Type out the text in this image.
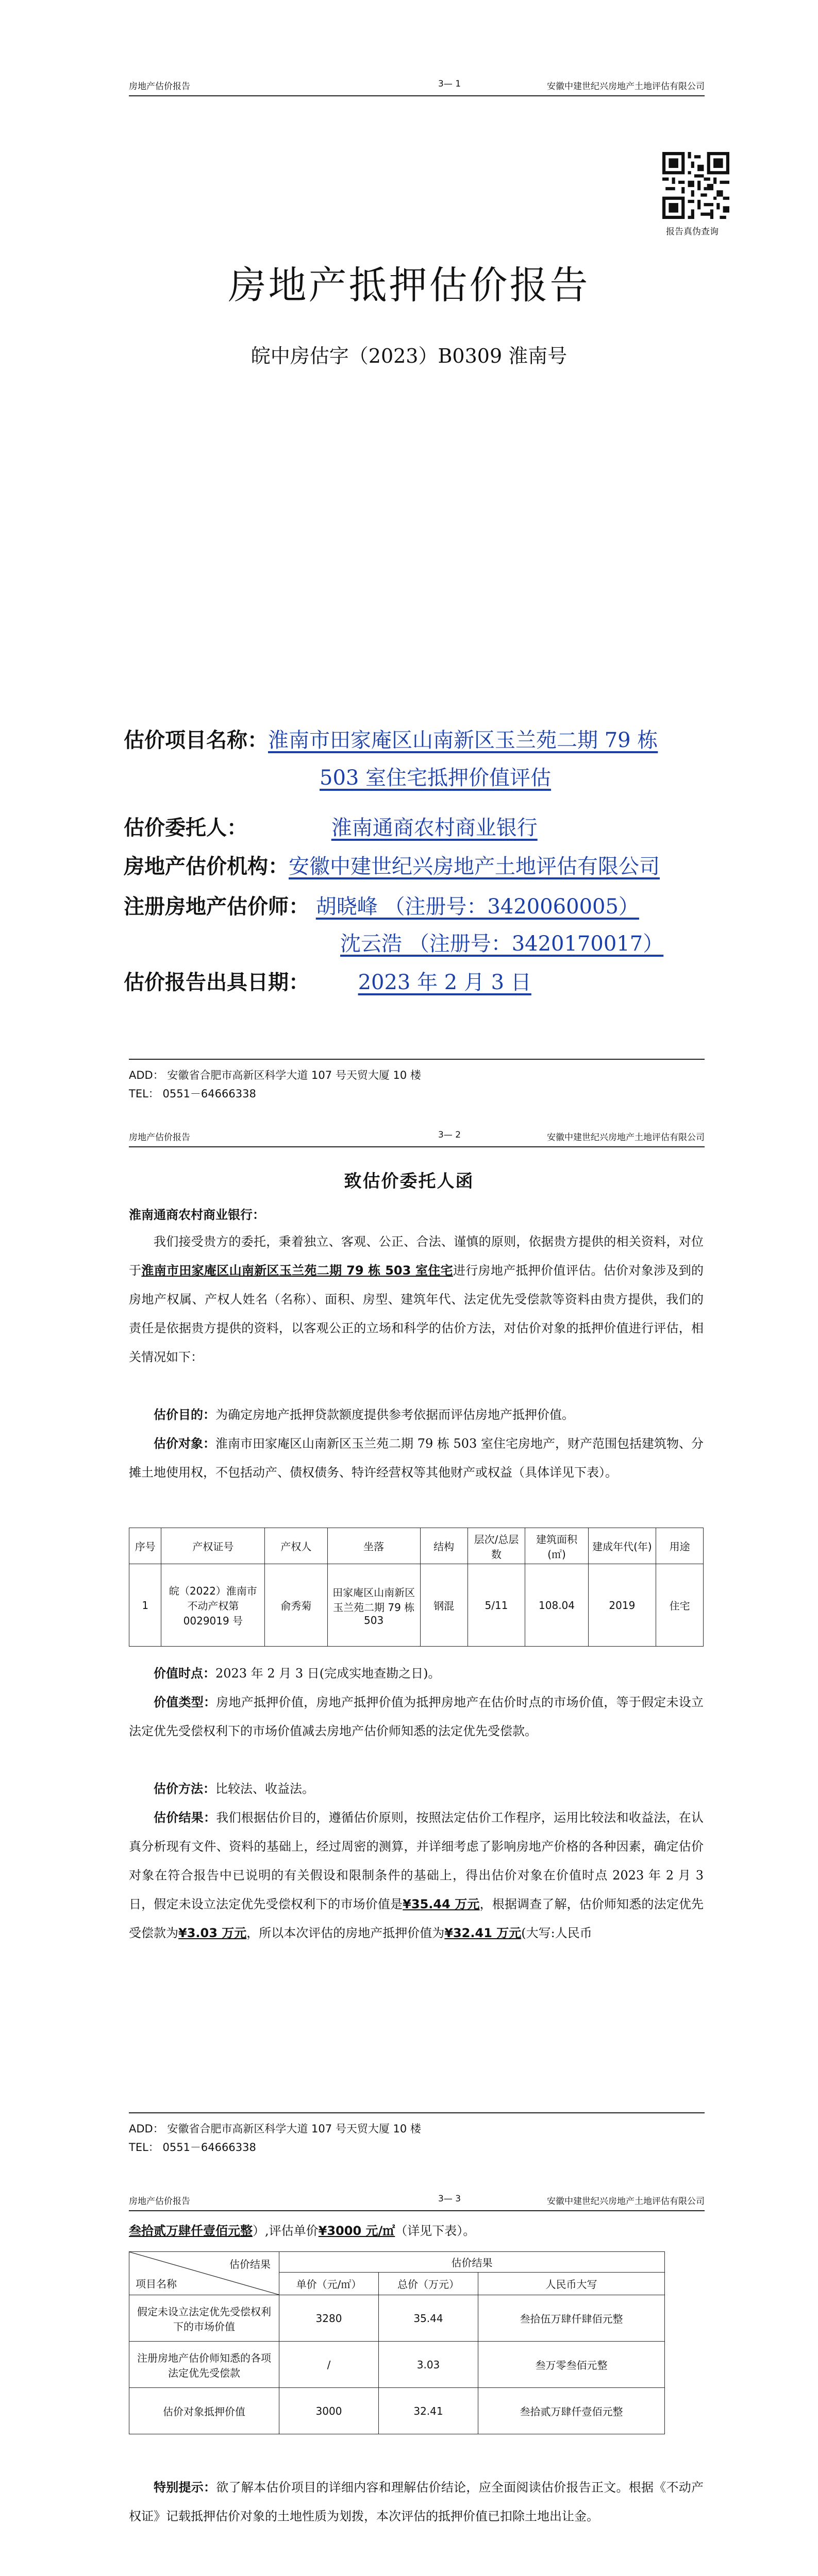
房地产估价报告	3— 1	安徽中建世纪兴房地产土地评估有限公司
报告真伪查询
房地产抵押估价报告
皖中房估字（2023）B0309 淮南号
估价项目名称：淮南市田家庵区山南新区玉兰苑二期 79 栋
503 室住宅抵押价值评估
估价委托人：	淮南通商农村商业银行
房地产估价机构：安徽中建世纪兴房地产土地评估有限公司
注册房地产估价师： 胡晓峰 （注册号：3420060005）
沈云浩 （注册号：3420170017）
估价报告出具日期： 2023 年 2 月 3 日
ADD： 安徽省合肥市高新区科学大道 107 号天贸大厦 10 楼
TEL： 0551－64666338
房地产估价报告	3— 2	安徽中建世纪兴房地产土地评估有限公司
致估价委托人函
淮南通商农村商业银行：
我们接受贵方的委托，秉着独立、客观、公正、合法、谨慎的原则，依据贵方提供的相关资料，对位于淮南市田家庵区山南新区玉兰苑二期 79 栋 503 室住宅进行房地产抵押价值评估。估价对象涉及到的房地产权属、产权人姓名（名称）、面积、房型、建筑年代、法定优先受偿款等资料由贵方提供，我们的责任是依据贵方提供的资料，以客观公正的立场和科学的估价方法，对估价对象的抵押价值进行评估，相关情况如下：
估价目的：为确定房地产抵押贷款额度提供参考依据而评估房地产抵押价值。
估价对象：淮南市田家庵区山南新区玉兰苑二期 79 栋 503 室住宅房地产，财产范围包括建筑物、分摊土地使用权，不包括动产、债权债务、特许经营权等其他财产或权益（具体详见下表）。
序号	产权证号	产权人	坐落	结构	层次/总层数	建筑面积(㎡)	建成年代(年)	用途
1	皖（2022）淮南市不动产权第0029019 号	俞秀菊	田家庵区山南新区玉兰苑二期 79 栋 503	钢混	5/11	108.04	2019	住宅
价值时点：2023 年 2 月 3 日(完成实地查勘之日)。
价值类型：房地产抵押价值，房地产抵押价值为抵押房地产在估价时点的市场价值，等于假定未设立法定优先受偿权利下的市场价值减去房地产估价师知悉的法定优先受偿款。
估价方法：比较法、收益法。
估价结果：我们根据估价目的，遵循估价原则，按照法定估价工作程序，运用比较法和收益法，在认真分析现有文件、资料的基础上，经过周密的测算，并详细考虑了影响房地产价格的各种因素，确定估价对象在符合报告中已说明的有关假设和限制条件的基础上，得出估价对象在价值时点 2023 年 2 月 3 日，假定未设立法定优先受偿权利下的市场价值是¥35.44 万元，根据调查了解，估价师知悉的法定优先受偿款为¥3.03 万元，所以本次评估的房地产抵押价值为¥32.41 万元(大写:人民币
ADD： 安徽省合肥市高新区科学大道 107 号天贸大厦 10 楼
TEL： 0551－64666338
房地产估价报告	3— 3	安徽中建世纪兴房地产土地评估有限公司
叁拾贰万肆仟壹佰元整）,评估单价¥3000 元/㎡（详见下表）。
估价结果
项目名称	估价结果		
	单价（元/㎡）	总价（万元）	人民币大写
假定未设立法定优先受偿权利下的市场价值	3280	35.44	叁拾伍万肆仟肆佰元整
注册房地产估价师知悉的各项法定优先受偿款	/	3.03	叁万零叁佰元整
估价对象抵押价值	3000	32.41	叁拾贰万肆仟壹佰元整
特别提示：欲了解本估价项目的详细内容和理解估价结论，应全面阅读估价报告正文。根据《不动产权证》记载抵押估价对象的土地性质为划拨，本次评估的抵押价值已扣除土地出让金。
